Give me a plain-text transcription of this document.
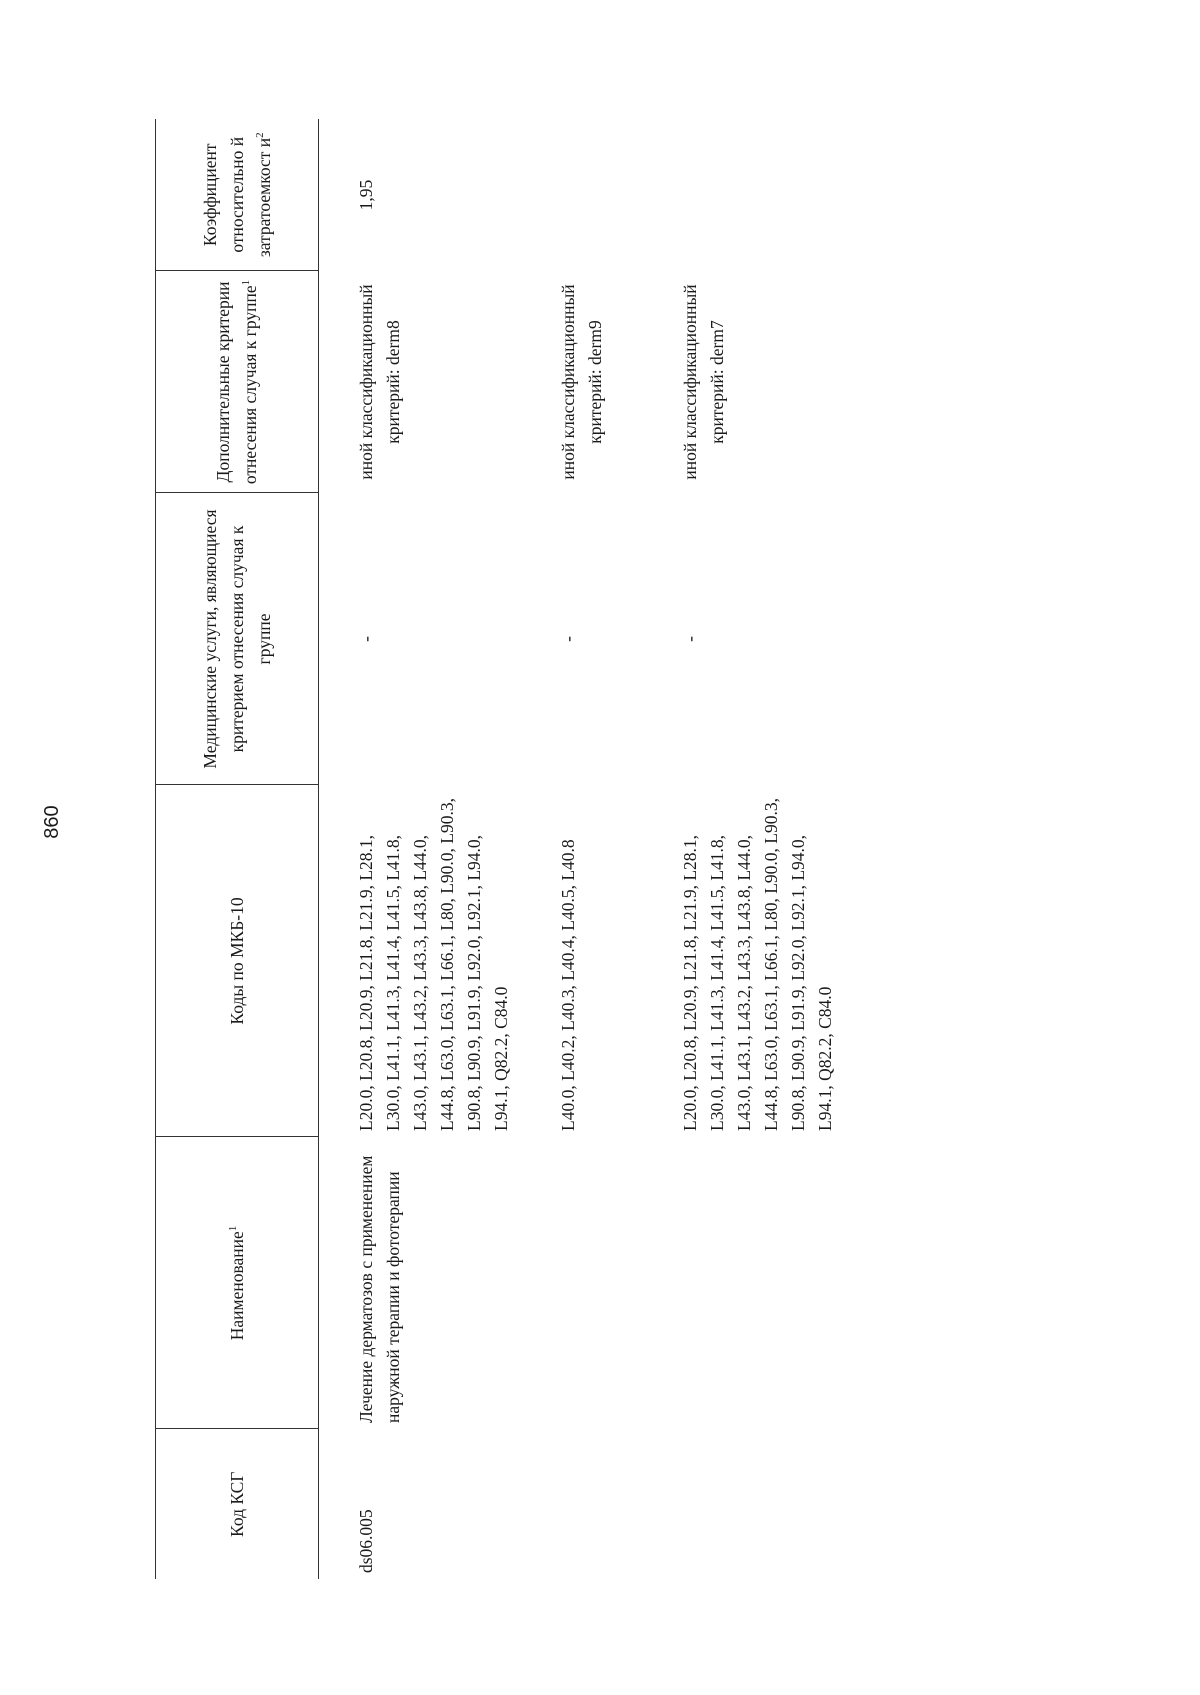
860
Код КСГ	Наименование$^1$	Коды по МКБ-10	Медицинские услуги, являющиеся критерием отнесения случая к группе	Дополнительные критерии отнесения случая к группе$^1$	Коэффициент относительно й затратоемкост $и^2$
ds06.005	Лечение дерматозов с применением наружной терапии и фототерапии	L20.0, L20.8, L20.9, L21.8, L21.9, L28.1, L30.0, L41.1, L41.3, L41.4, L41.5, L41.8, L43.0, L43.1, L43.2, L43.3, L43.8, L44.0, L44.8, L63.0, L63.1, L66.1, L80, L90.0, L90.3, L90.8, L90.9, L91.9, L92.0, L92.1, L94.0, L94.1, Q82.2, C84.0	-	иной классификационный критерий: derm8	1,95
		L40.0, L40.2, L40.3, L40.4, L40.5, L40.8	-	иной классификационный критерий: derm9	
		L20.0, L20.8, L20.9, L21.8, L21.9, L28.1, L30.0, L41.1, L41.3, L41.4, L41.5, L41.8, L43.0, L43.1, L43.2, L43.3, L43.8, L44.0, L44.8, L63.0, L63.1, L66.1, L80, L90.0, L90.3, L90.8, L90.9, L91.9, L92.0, L92.1, L94.0, L94.1, Q82.2, C84.0	-	иной классификационный критерий: derm7	
